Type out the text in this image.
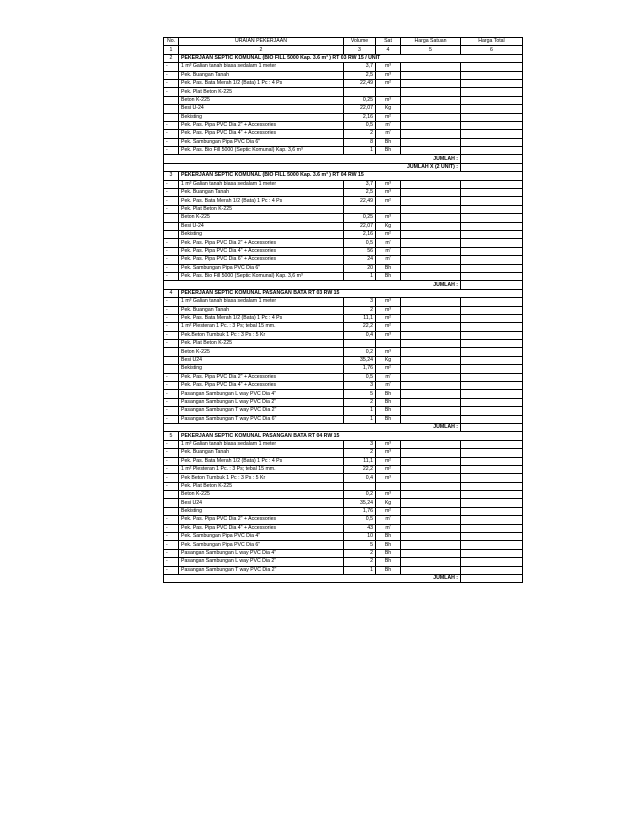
No.	URAIAN PEKERJAAN	Volume	Sat	Harga Satuan	Harga Total
1	2	3	4	5	6
2	PEKERJAAN SEPTIC KOMUNAL (BIO FILL 5000 Kap. 3.6 m³ ) RT 03 RW 15 / UNIT				
-	1 m³ Galian tanah biasa sedalam 1 meter	3,7	m³		
-	Pek. Buangan Tanah	2,5	m³		
-	Pek. Pas. Bata Merah 1/2 (Bata) 1 Pc : 4 Ps	22,49	m²		
-	Pek. Plat Beton K-225				
	Beton K-225	0,25	m³		
	Besi U-24	22,07	Kg		
	Bekisting	2,16	m²		
-	Pek. Pas. Pipa PVC Dia 2" + Accessories	0,5	m'		
-	Pek. Pas. Pipa PVC Dia 4" + Accessories	2	m'		
-	Pek. Sambungan Pipa PVC Dia 6"	8	Bh		
-	Pek. Pas. Bio Fill 5000 (Septic Komunal) Kap. 3,6 m³	1	Bh		
JUMLAH :					
JUMLAH X (2 UNIT) :					
3	PEKERJAAN SEPTIC KOMUNAL (BIO FILL 5000 Kap. 3.6 m³ ) RT 04 RW 15				
-	1 m³ Galian tanah biasa sedalam 1 meter	3,7	m³		
-	Pek. Buangan Tanah	2,5	m³		
-	Pek. Pas. Bata Merah 1/2 (Bata) 1 Pc : 4 Ps	22,49	m²		
-	Pek. Plat Beton K-225				
	Beton K-225	0,25	m³		
	Besi U-24	22,07	Kg		
	Bekisting	2,16	m²		
-	Pek. Pas. Pipa PVC Dia 2" + Accessories	0,5	m'		
-	Pek. Pas. Pipa PVC Dia 4" + Accessories	56	m'		
-	Pek. Pas. Pipa PVC Dia 6" + Accessories	24	m'		
-	Pek. Sambungan Pipa PVC Dia 6"	20	Bh		
-	Pek. Pas. Bio Fill 5000 (Septic Komunal) Kap. 3,6 m³	1	Bh		
JUMLAH :					
4	PEKERJAAN SEPTIC KOMUNAL PASANGAN BATA RT 03 RW 15				
-	1 m³ Galian tanah biasa sedalam 1 meter	3	m³		
-	Pek. Buangan Tanah	2	m³		
-	Pek. Pas. Bata Merah 1/2 (Bata) 1 Pc : 4 Ps	11,1	m²		
-	1 m² Plesteran 1 Pc. : 3 Ps; tebal 15 mm.	22,2	m²		
-	Pek.Beton Tumbuk 1 Pc : 3 Ps : 5 Kr	0,4	m³		
-	Pek. Plat Beton K-225				
	Beton K-225	0,2	m³		
	Besi U24	35,24	Kg		
	Bekisting	1,76	m²		
-	Pek. Pas. Pipa PVC Dia 2" + Accessories	0,5	m'		
-	Pek. Pas. Pipa PVC Dia 4" + Accessories	3	m'		
-	Pasangan Sambungan L way PVC Dia 4"	5	Bh		
-	Pasangan Sambungan L way PVC Dia 2"	2	Bh		
-	Pasangan Sambungan T way PVC Dia 2"	1	Bh		
-	Pasangan Sambungan T way PVC Dia 6"	1	Bh		
JUMLAH :					
5	PEKERJAAN SEPTIC KOMUNAL PASANGAN BATA RT 04 RW 15				
-	1 m³ Galian tanah biasa sedalam 1 meter	3	m³		
-	Pek. Buangan Tanah	2	m³		
-	Pek. Pas. Bata Merah 1/2 (Bata) 1 Pc : 4 Ps	11,1	m²		
-	1 m² Plesteran 1 Pc. : 3 Ps; tebal 15 mm.	22,2	m²		
-	Pek Beton Tumbuk 1 Pc : 3 Ps : 5 Kr	0,4	m³		
-	Pek. Plat Beton K-225				
	Beton K-225	0,2	m³		
	Besi U24	35,24	Kg		
	Bekisting	1,76	m²		
-	Pek. Pas. Pipa PVC Dia 2" + Accessories	0,5	m'		
-	Pek. Pas. Pipa PVC Dia 4" + Accessories	43	m'		
-	Pek. Sambungan Pipa PVC Dia 4"	10	Bh		
-	Pek. Sambungan Pipa PVC Dia 6"	5	Bh		
-	Pasangan Sambungan L way PVC Dia 4"	2	Bh		
-	Pasangan Sambungan L way PVC Dia 2"	2	Bh		
-	Pasangan Sambungan T way PVC Dia 2"	1	Bh		
JUMLAH :					
